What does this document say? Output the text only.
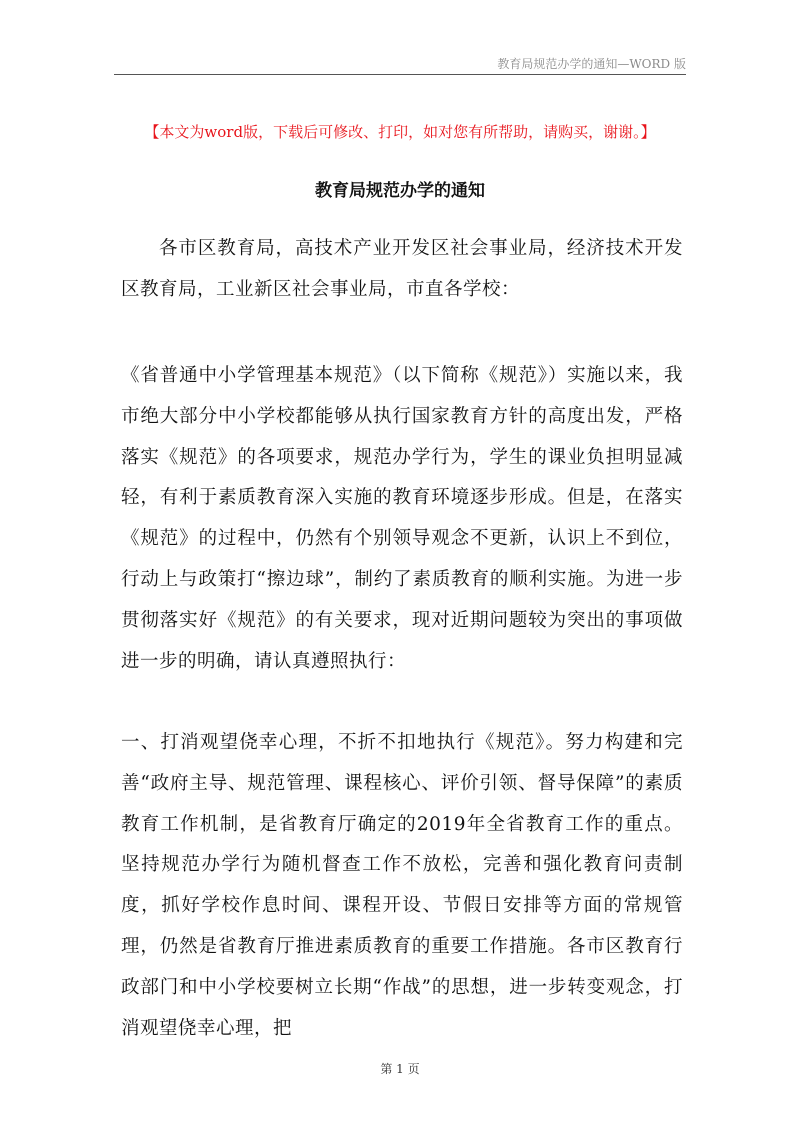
教育局规范办学的通知—WORD 版
【本文为word版，下载后可修改、打印，如对您有所帮助，请购买，谢谢。】
教育局规范办学的通知

各市区教育局，高技术产业开发区社会事业局，经济技术开发区教育局，工业新区社会事业局，市直各学校：

《省普通中小学管理基本规范》（以下简称《规范》）实施以来，我市绝大部分中小学校都能够从执行国家教育方针的高度出发，严格落实《规范》的各项要求，规范办学行为，学生的课业负担明显减轻，有利于素质教育深入实施的教育环境逐步形成。但是，在落实《规范》的过程中，仍然有个别领导观念不更新，认识上不到位，行动上与政策打“擦边球”，制约了素质教育的顺利实施。为进一步贯彻落实好《规范》的有关要求，现对近期问题较为突出的事项做进一步的明确，请认真遵照执行：

一、打消观望侥幸心理，不折不扣地执行《规范》。努力构建和完善“政府主导、规范管理、课程核心、评价引领、督导保障”的素质教育工作机制，是省教育厅确定的2019年全省教育工作的重点。坚持规范办学行为随机督查工作不放松，完善和强化教育问责制度，抓好学校作息时间、课程开设、节假日安排等方面的常规管理，仍然是省教育厅推进素质教育的重要工作措施。各市区教育行政部门和中小学校要树立长期“作战”的思想，进一步转变观念，打消观望侥幸心理，把

第 1 页
